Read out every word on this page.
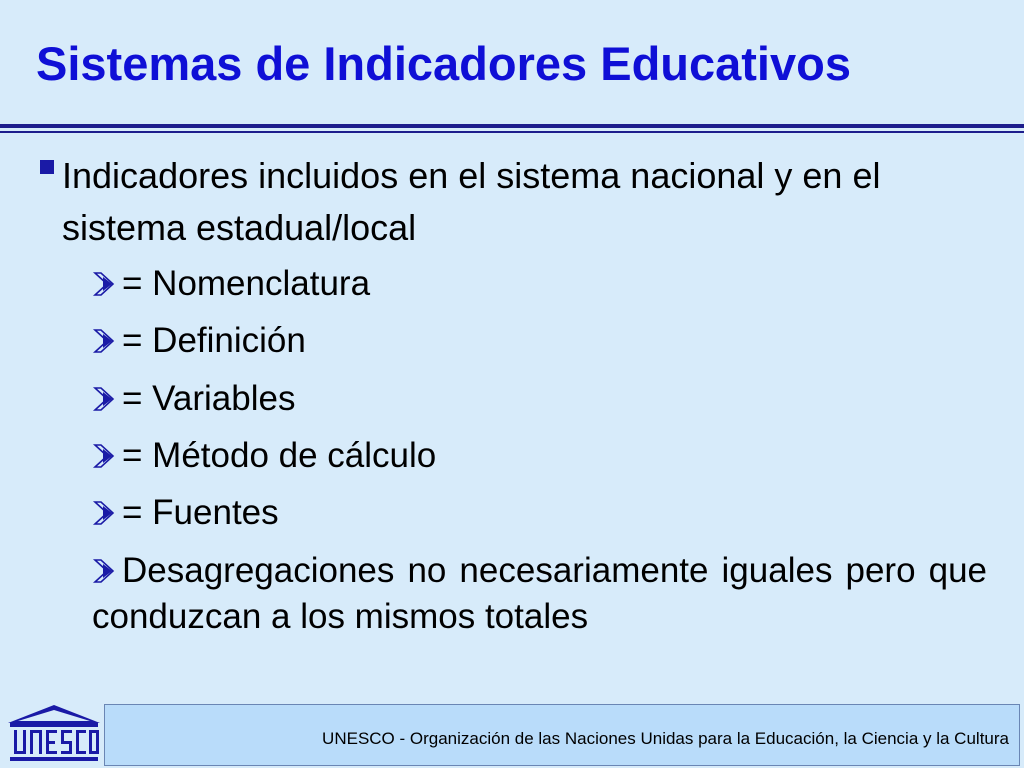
Sistemas de Indicadores Educativos
Indicadores incluidos en el sistema nacional y en el sistema estadual/local
= Nomenclatura
= Definición
= Variables
= Método de cálculo
= Fuentes
Desagregaciones no necesariamente iguales pero que conduzcan a los mismos totales
UNESCO - Organización de las Naciones Unidas para la Educación, la Ciencia y la Cultura
